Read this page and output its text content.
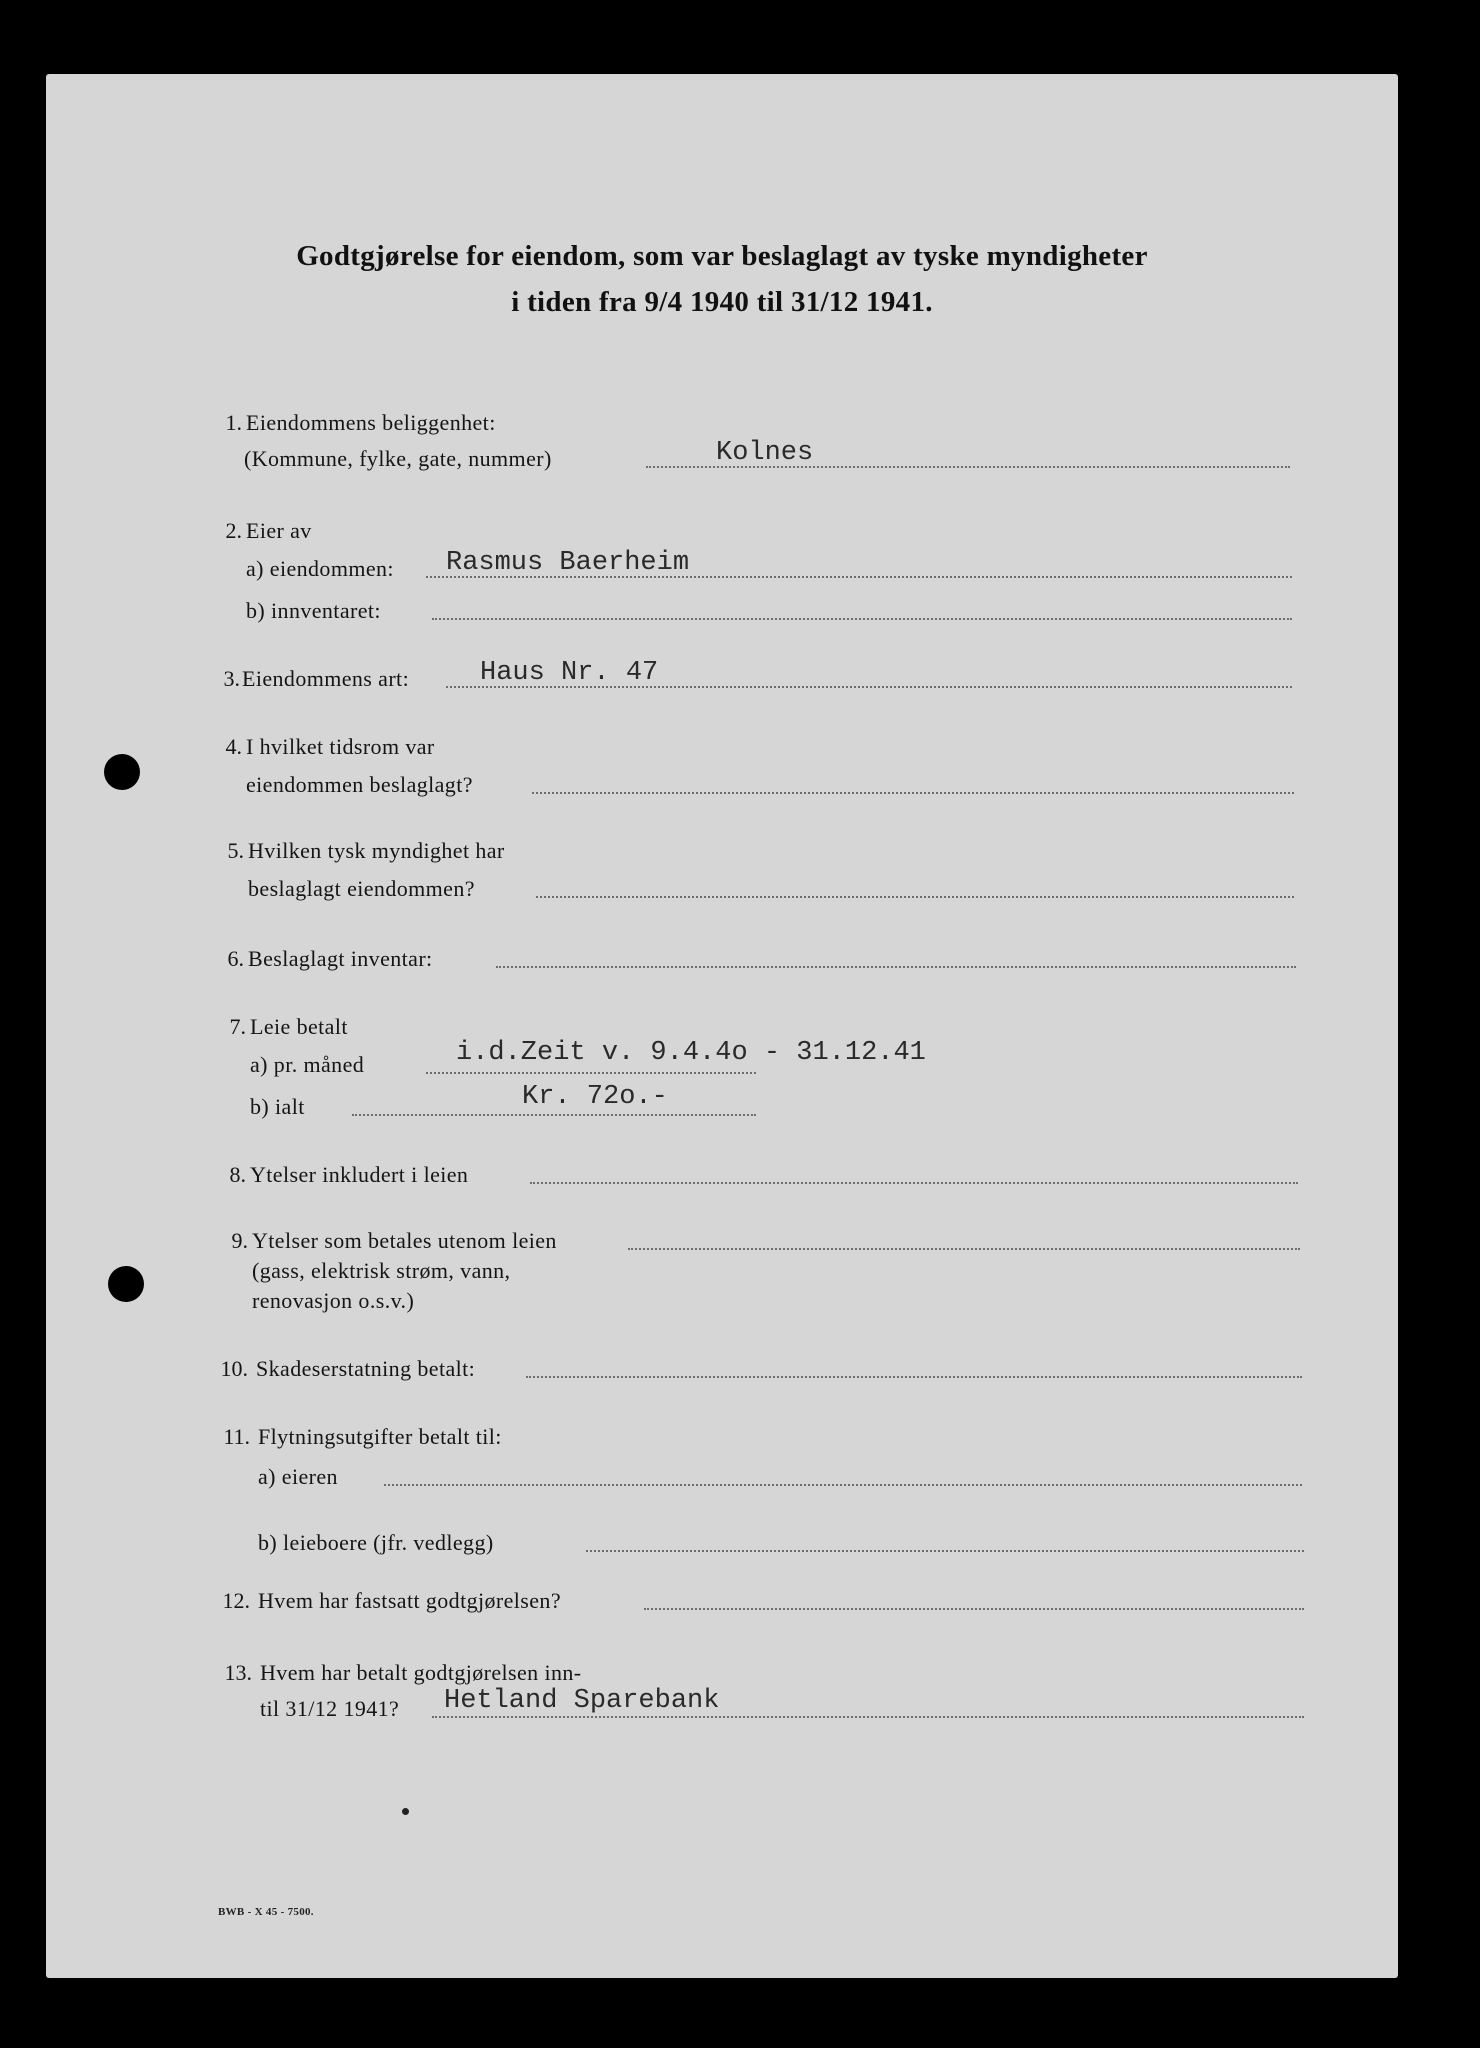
Godtgjørelse for eiendom, som var beslaglagt av tyske myndigheter
i tiden fra 9/4 1940 til 31/12 1941.
1. Eiendommens beliggenhet:
(Kommune, fylke, gate, nummer)	Kolnes
2. Eier av
a) eiendommen: Rasmus Baerheim
b) innventaret:
3. Eiendommens art:	Haus Nr. 47
4. I hvilket tidsrom var
eiendommen beslaglagt?
5. Hvilken tysk myndighet har
beslaglagt eiendommen?
6. Beslaglagt inventar:
7. Leie betalt
a) pr. måned	i.d.Zeit v. 9.4.4o - 31.12.41
b) ialt	Kr. 72o.-
8. Ytelser inkludert i leien
9. Ytelser som betales utenom leien
(gass, elektrisk strøm, vann,
renovasjon o.s.v.)
10. Skadeserstatning betalt:
11. Flytningsutgifter betalt til:
a) eieren
b) leieboere (jfr. vedlegg)
12. Hvem har fastsatt godtgjørelsen?
13. Hvem har betalt godtgjørelsen inn-
til 31/12 1941? Hetland Sparebank
BWB - X 45 - 7500.
